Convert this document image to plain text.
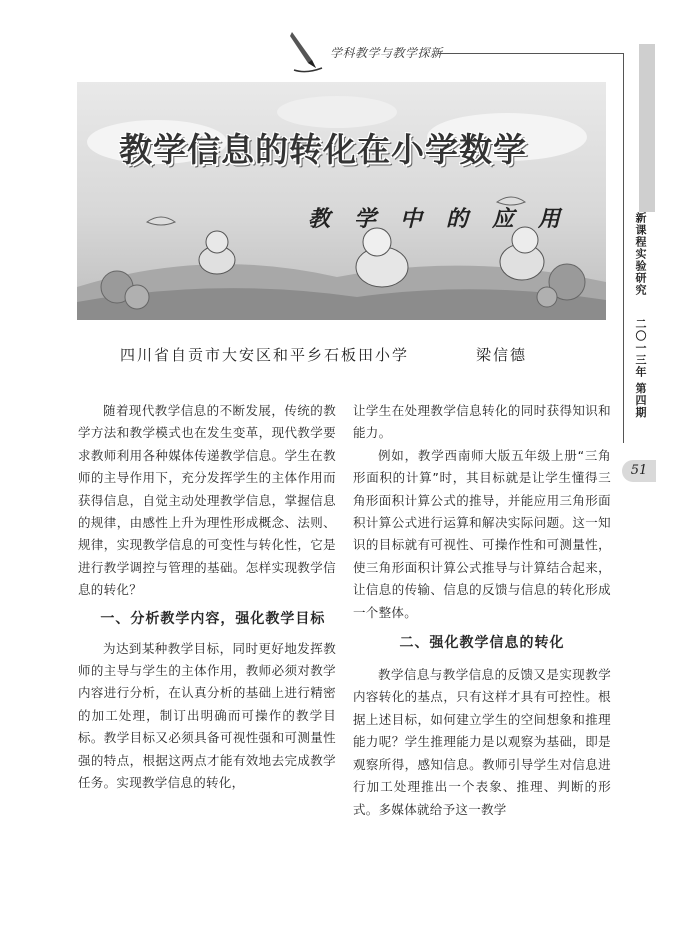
学科教学与教学探新
新课程实验研究 　 二〇一三年 第四期
51
教学信息的转化在小学数学
教 学 中 的 应 用
四川省自贡市大安区和平乡石板田小学	梁信德

随着现代教学信息的不断发展，传统的教学方法和教学模式也在发生变革，现代教学要求教师利用各种媒体传递教学信息。学生在教师的主导作用下，充分发挥学生的主体作用而获得信息，自觉主动处理教学信息，掌握信息的规律，由感性上升为理性形成概念、法则、规律，实现教学信息的可变性与转化性，它是进行教学调控与管理的基础。怎样实现教学信息的转化？

一、分析教学内容，强化教学目标

为达到某种教学目标，同时更好地发挥教师的主导与学生的主体作用，教师必须对教学内容进行分析，在认真分析的基础上进行精密的加工处理，制订出明确而可操作的教学目标。教学目标又必须具备可视性强和可测量性强的特点，根据这两点才能有效地去完成教学任务。实现教学信息的转化，

让学生在处理教学信息转化的同时获得知识和能力。

例如，教学西南师大版五年级上册“三角形面积的计算”时，其目标就是让学生懂得三角形面积计算公式的推导，并能应用三角形面积计算公式进行运算和解决实际问题。这一知识的目标就有可视性、可操作性和可测量性，使三角形面积计算公式推导与计算结合起来，让信息的传输、信息的反馈与信息的转化形成一个整体。

二、强化教学信息的转化

教学信息与教学信息的反馈又是实现教学内容转化的基点，只有这样才具有可控性。根据上述目标，如何建立学生的空间想象和推理能力呢？学生推理能力是以观察为基础，即是观察所得，感知信息。教师引导学生对信息进行加工处理推出一个表象、推理、判断的形式。多媒体就给予这一教学
